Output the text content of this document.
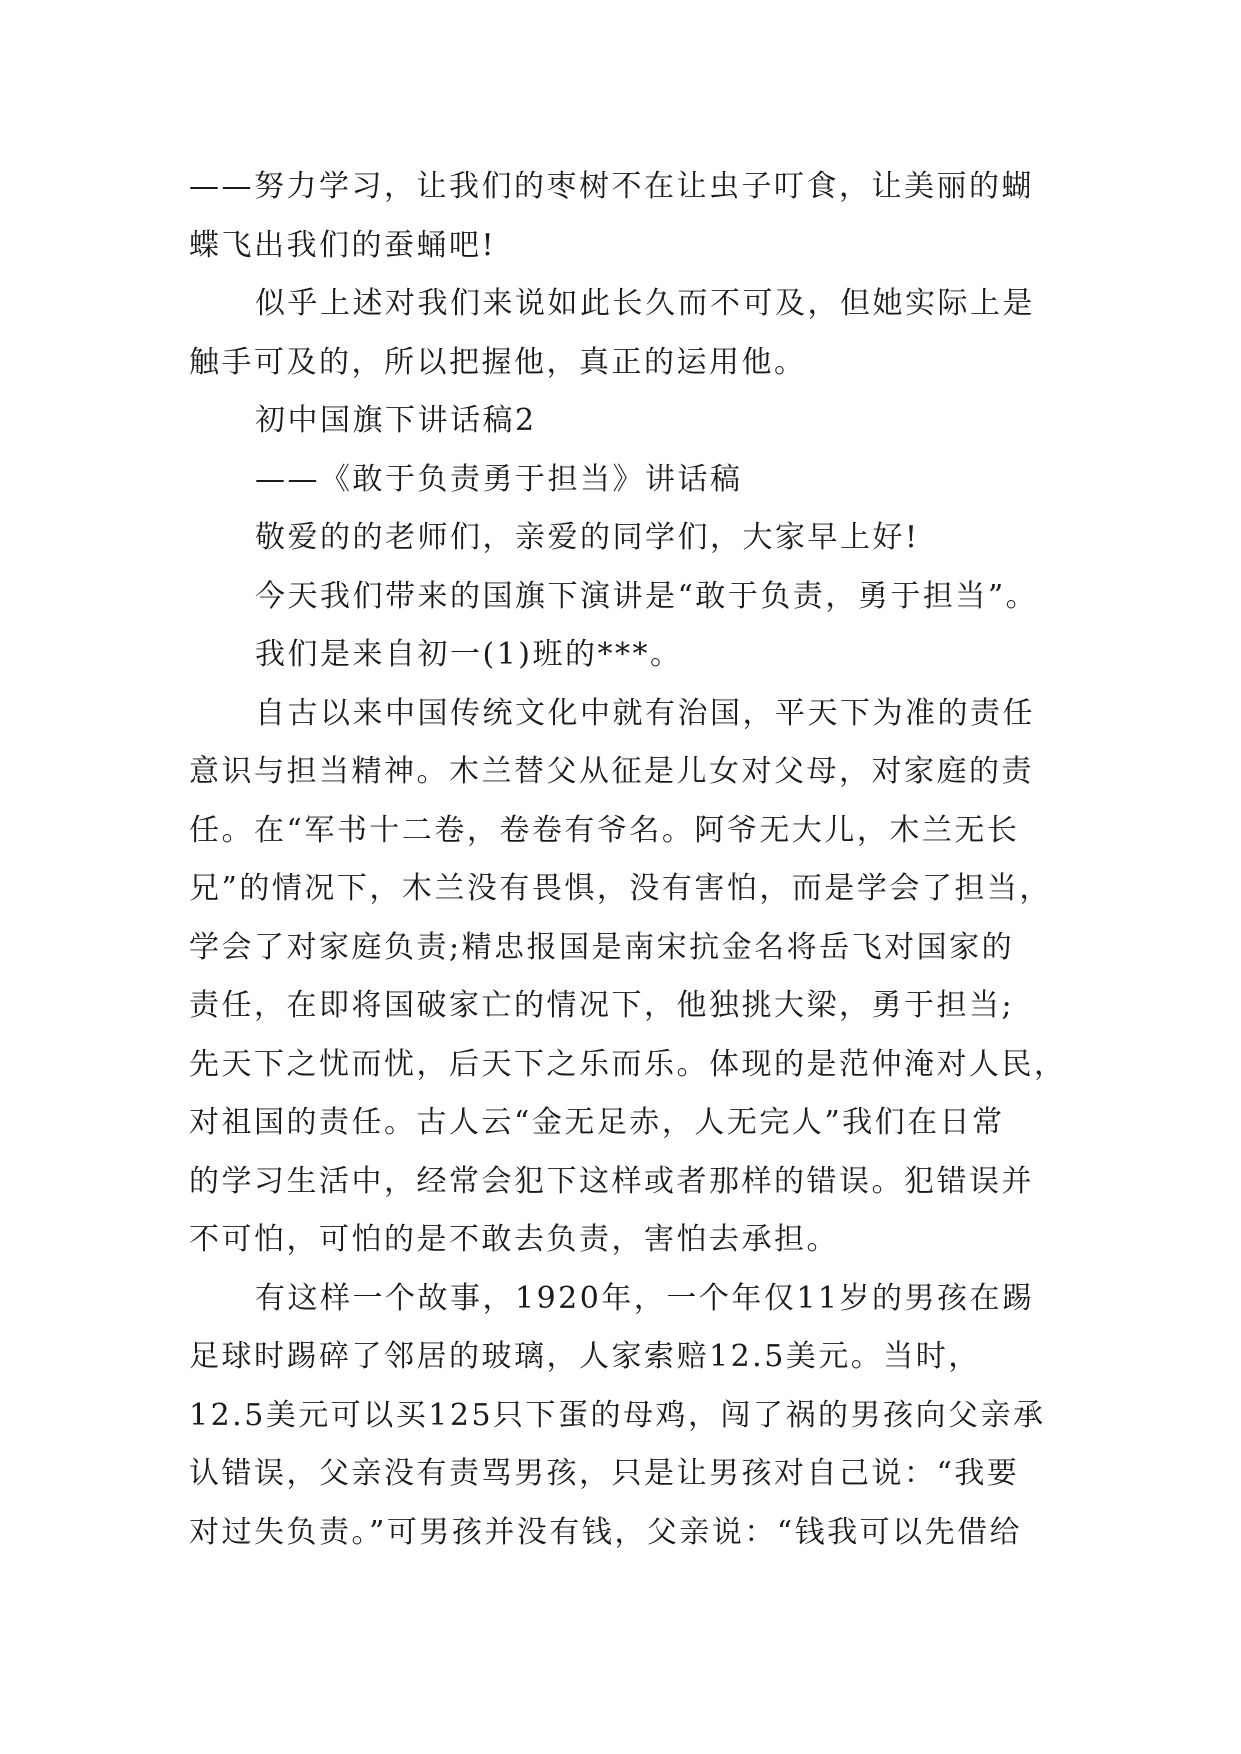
——努力学习，让我们的枣树不在让虫子叮食，让美丽的蝴
蝶飞出我们的蚕蛹吧!
似乎上述对我们来说如此长久而不可及，但她实际上是
触手可及的，所以把握他，真正的运用他。
初中国旗下讲话稿2
——《敢于负责勇于担当》讲话稿
敬爱的的老师们，亲爱的同学们，大家早上好!
今天我们带来的国旗下演讲是“敢于负责，勇于担当”。
我们是来自初一(1)班的***。
自古以来中国传统文化中就有治国，平天下为准的责任
意识与担当精神。木兰替父从征是儿女对父母，对家庭的责
任。在“军书十二卷，卷卷有爷名。阿爷无大儿，木兰无长
兄”的情况下，木兰没有畏惧，没有害怕，而是学会了担当，
学会了对家庭负责;精忠报国是南宋抗金名将岳飞对国家的
责任，在即将国破家亡的情况下，他独挑大梁，勇于担当;
先天下之忧而忧，后天下之乐而乐。体现的是范仲淹对人民，
对祖国的责任。古人云“金无足赤，人无完人”我们在日常
的学习生活中，经常会犯下这样或者那样的错误。犯错误并
不可怕，可怕的是不敢去负责，害怕去承担。
有这样一个故事，1920年，一个年仅11岁的男孩在踢
足球时踢碎了邻居的玻璃，人家索赔12.5美元。当时，
12.5美元可以买125只下蛋的母鸡，闯了祸的男孩向父亲承
认错误，父亲没有责骂男孩，只是让男孩对自己说：“我要
对过失负责。”可男孩并没有钱，父亲说：“钱我可以先借给
